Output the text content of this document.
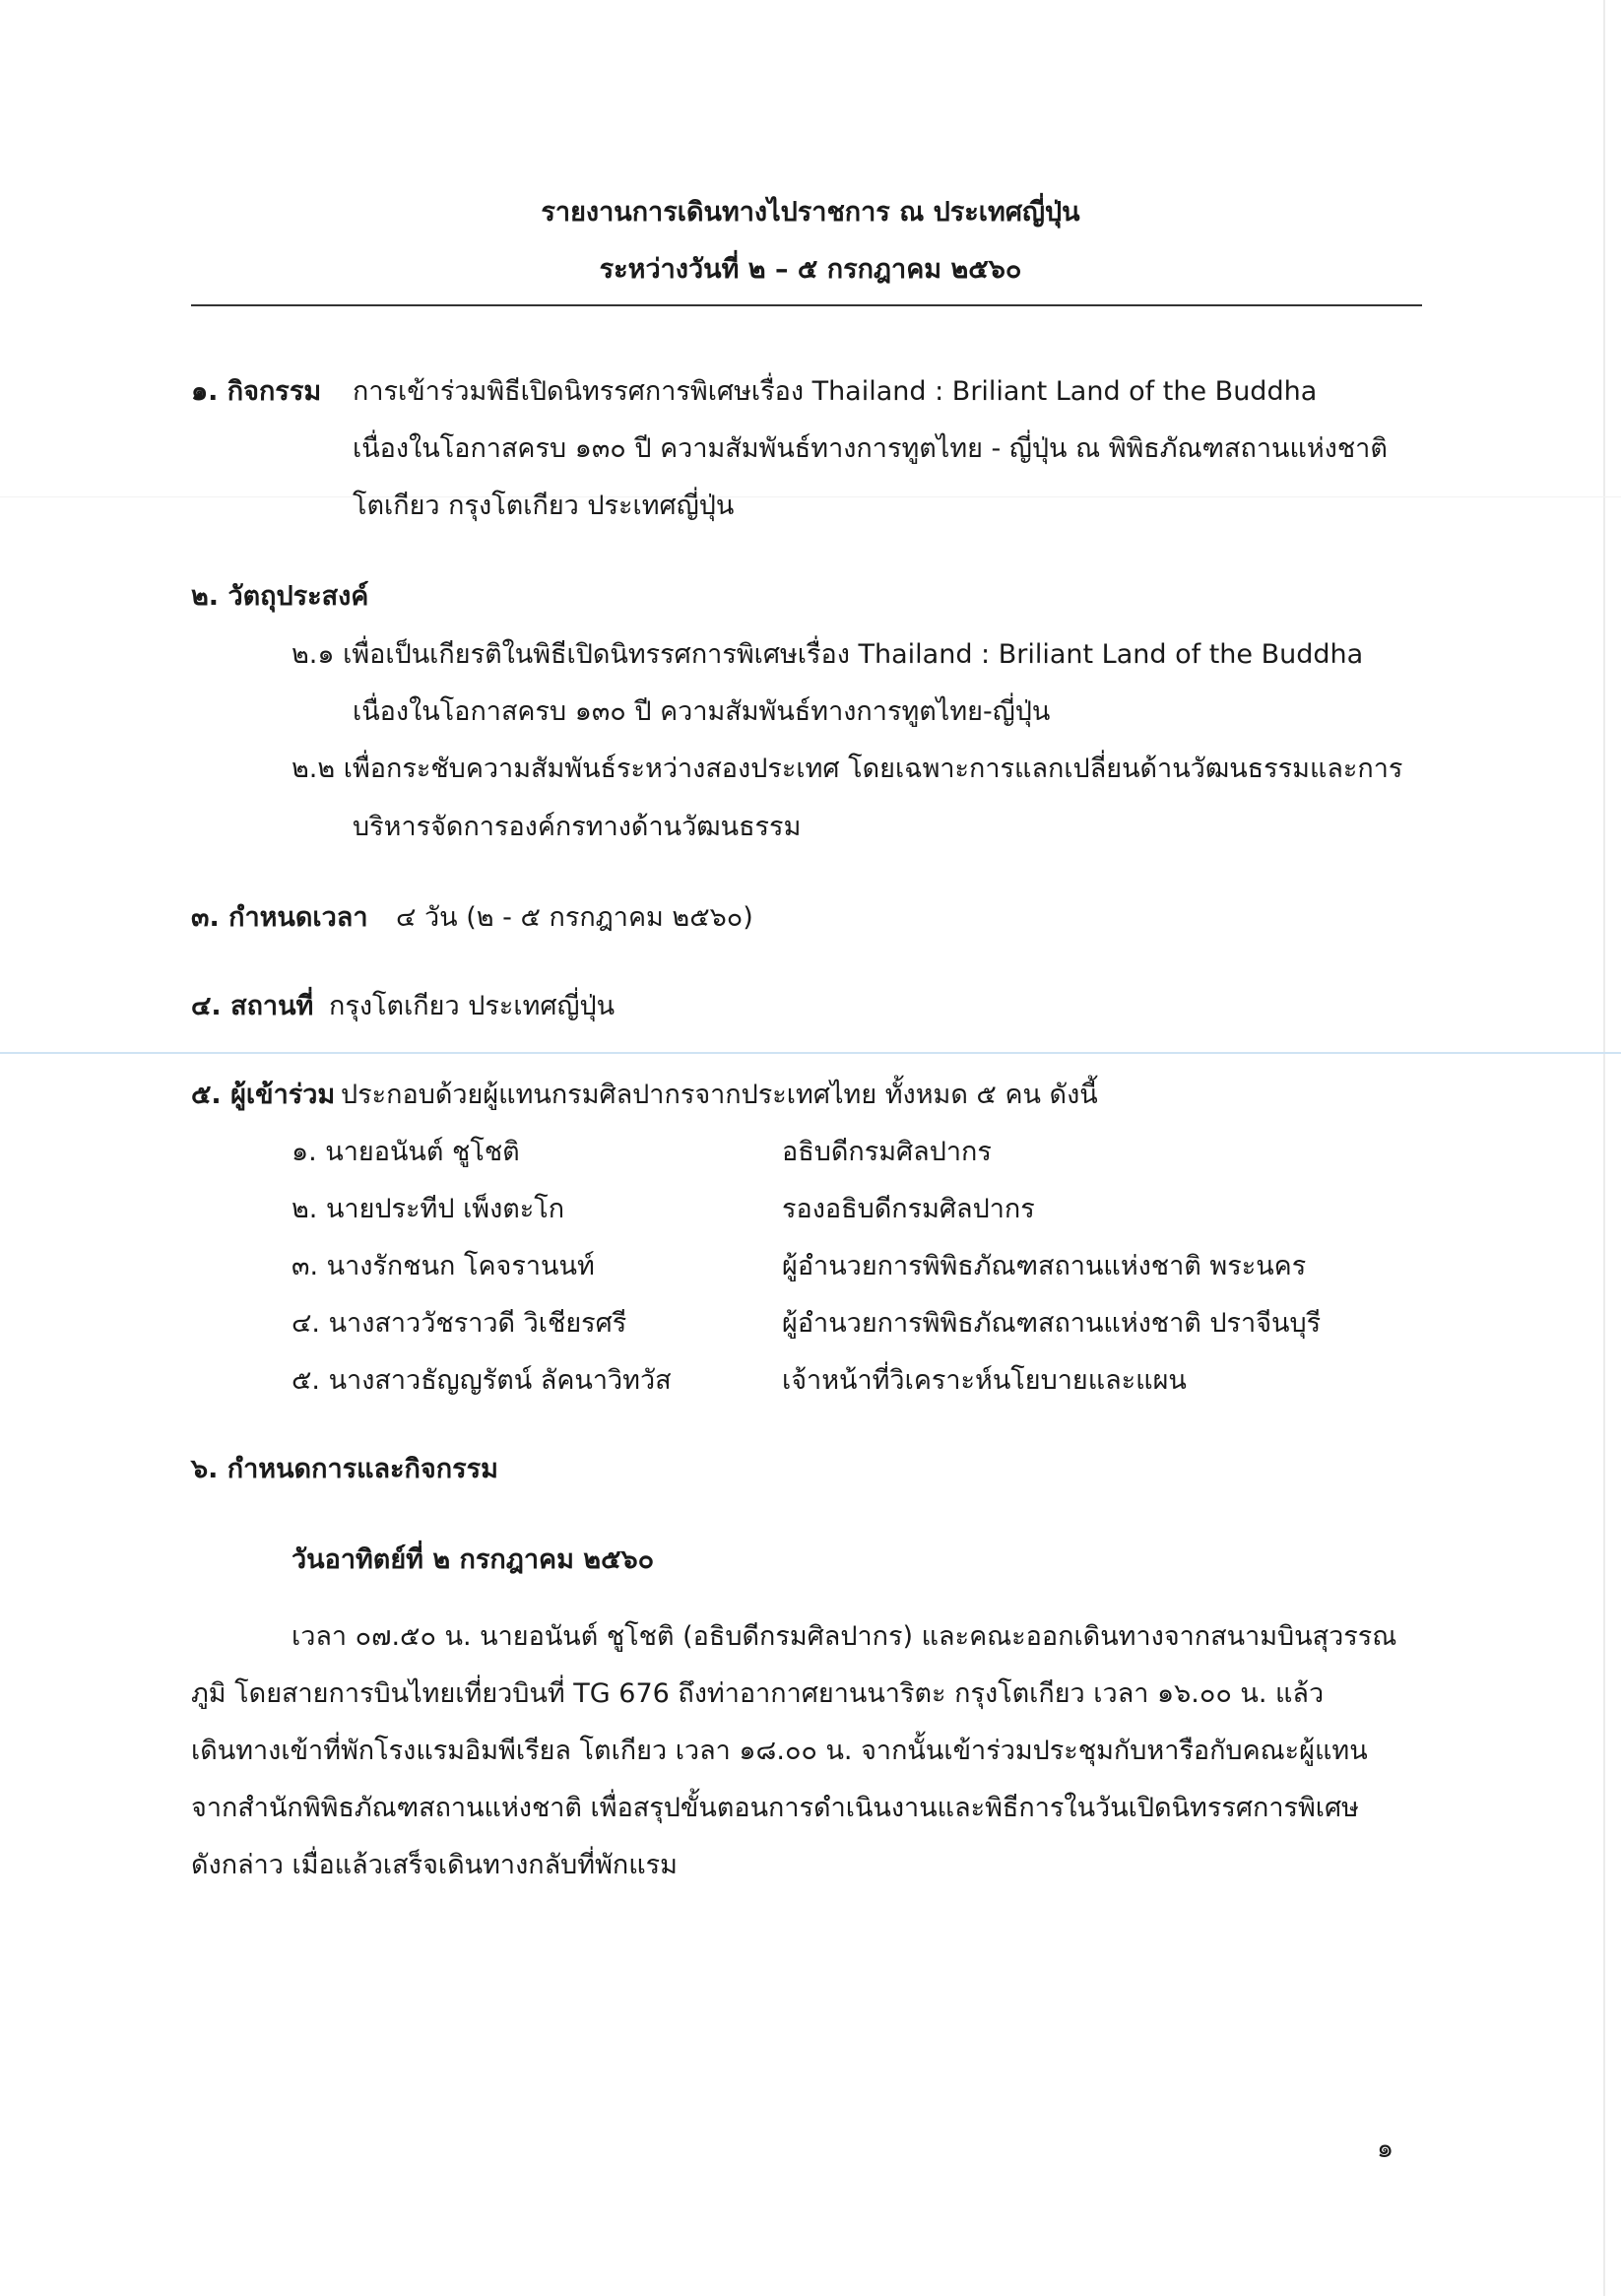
รายงานการเดินทางไปราชการ ณ ประเทศญี่ปุ่น
ระหว่างวันที่ ๒ – ๕ กรกฎาคม ๒๕๖๐
๑. กิจกรรม การเข้าร่วมพิธีเปิดนิทรรศการพิเศษเรื่อง Thailand : Briliant Land of the Buddha
เนื่องในโอกาสครบ ๑๓๐ ปี ความสัมพันธ์ทางการทูตไทย - ญี่ปุ่น ณ พิพิธภัณฑสถานแห่งชาติ
โตเกียว กรุงโตเกียว ประเทศญี่ปุ่น
๒. วัตถุประสงค์
๒.๑ เพื่อเป็นเกียรติในพิธีเปิดนิทรรศการพิเศษเรื่อง Thailand : Briliant Land of the Buddha
เนื่องในโอกาสครบ ๑๓๐ ปี ความสัมพันธ์ทางการทูตไทย-ญี่ปุ่น
๒.๒ เพื่อกระชับความสัมพันธ์ระหว่างสองประเทศ โดยเฉพาะการแลกเปลี่ยนด้านวัฒนธรรมและการ
บริหารจัดการองค์กรทางด้านวัฒนธรรม
๓. กำหนดเวลา ๔ วัน (๒ - ๕ กรกฎาคม ๒๕๖๐)
๔. สถานที่ กรุงโตเกียว ประเทศญี่ปุ่น
๕. ผู้เข้าร่วม ประกอบด้วยผู้แทนกรมศิลปากรจากประเทศไทย ทั้งหมด ๕ คน ดังนี้
๑. นายอนันต์ ชูโชติ	อธิบดีกรมศิลปากร
๒. นายประทีป เพ็งตะโก	รองอธิบดีกรมศิลปากร
๓. นางรักชนก โคจรานนท์	ผู้อำนวยการพิพิธภัณฑสถานแห่งชาติ พระนคร
๔. นางสาววัชราวดี วิเชียรศรี	ผู้อำนวยการพิพิธภัณฑสถานแห่งชาติ ปราจีนบุรี
๕. นางสาวธัญญรัตน์ ลัคนาวิทวัส	เจ้าหน้าที่วิเคราะห์นโยบายและแผน
๖. กำหนดการและกิจกรรม
วันอาทิตย์ที่ ๒ กรกฎาคม ๒๕๖๐
เวลา ๐๗.๕๐ น. นายอนันต์ ชูโชติ (อธิบดีกรมศิลปากร) และคณะออกเดินทางจากสนามบินสุวรรณ
ภูมิ โดยสายการบินไทยเที่ยวบินที่ TG 676 ถึงท่าอากาศยานนาริตะ กรุงโตเกียว เวลา ๑๖.๐๐ น. แล้ว
เดินทางเข้าที่พักโรงแรมอิมพีเรียล โตเกียว เวลา ๑๘.๐๐ น. จากนั้นเข้าร่วมประชุมกับหารือกับคณะผู้แทน
จากสำนักพิพิธภัณฑสถานแห่งชาติ เพื่อสรุปขั้นตอนการดำเนินงานและพิธีการในวันเปิดนิทรรศการพิเศษ
ดังกล่าว เมื่อแล้วเสร็จเดินทางกลับที่พักแรม
๑
